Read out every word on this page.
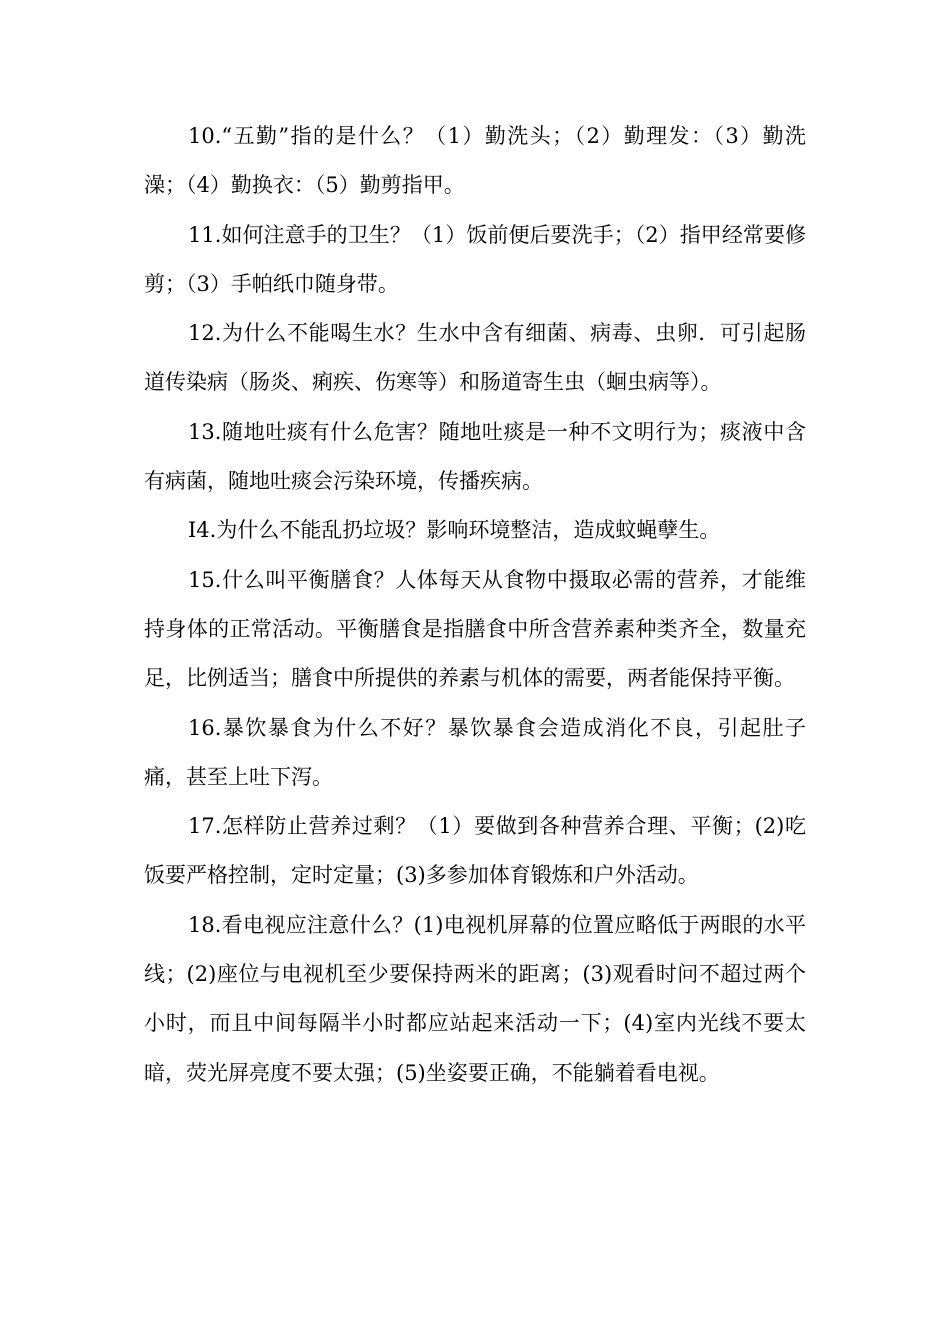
10.“五勤”指的是什么？（1）勤洗头；（2）勤理发：（3）勤洗澡；（4）勤换衣：（5）勤剪指甲。

11.如何注意手的卫生？（1）饭前便后要洗手；（2）指甲经常要修剪；（3）手帕纸巾随身带。

12.为什么不能喝生水？生水中含有细菌、病毒、虫卵．可引起肠道传染病（肠炎、痢疾、伤寒等）和肠道寄生虫（蛔虫病等）。

13.随地吐痰有什么危害？随地吐痰是一种不文明行为；痰液中含有病菌，随地吐痰会污染环境，传播疾病。

I4.为什么不能乱扔垃圾？影响环境整洁，造成蚊蝇孽生。

15.什么叫平衡膳食？人体每天从食物中摄取必需的营养，才能维持身体的正常活动。平衡膳食是指膳食中所含营养素种类齐全，数量充足，比例适当；膳食中所提供的养素与机体的需要，两者能保持平衡。

16.暴饮暴食为什么不好？暴饮暴食会造成消化不良，引起肚子痛，甚至上吐下泻。

17.怎样防止营养过剩？（1）要做到各种营养合理、平衡；(2)吃饭要严格控制，定时定量；(3)多参加体育锻炼和户外活动。

18.看电视应注意什么？(1)电视机屏幕的位置应略低于两眼的水平线；(2)座位与电视机至少要保持两米的距离；(3)观看时问不超过两个小时，而且中间每隔半小时都应站起来活动一下；(4)室内光线不要太暗，荧光屏亮度不要太强；(5)坐姿要正确，不能躺着看电视。
